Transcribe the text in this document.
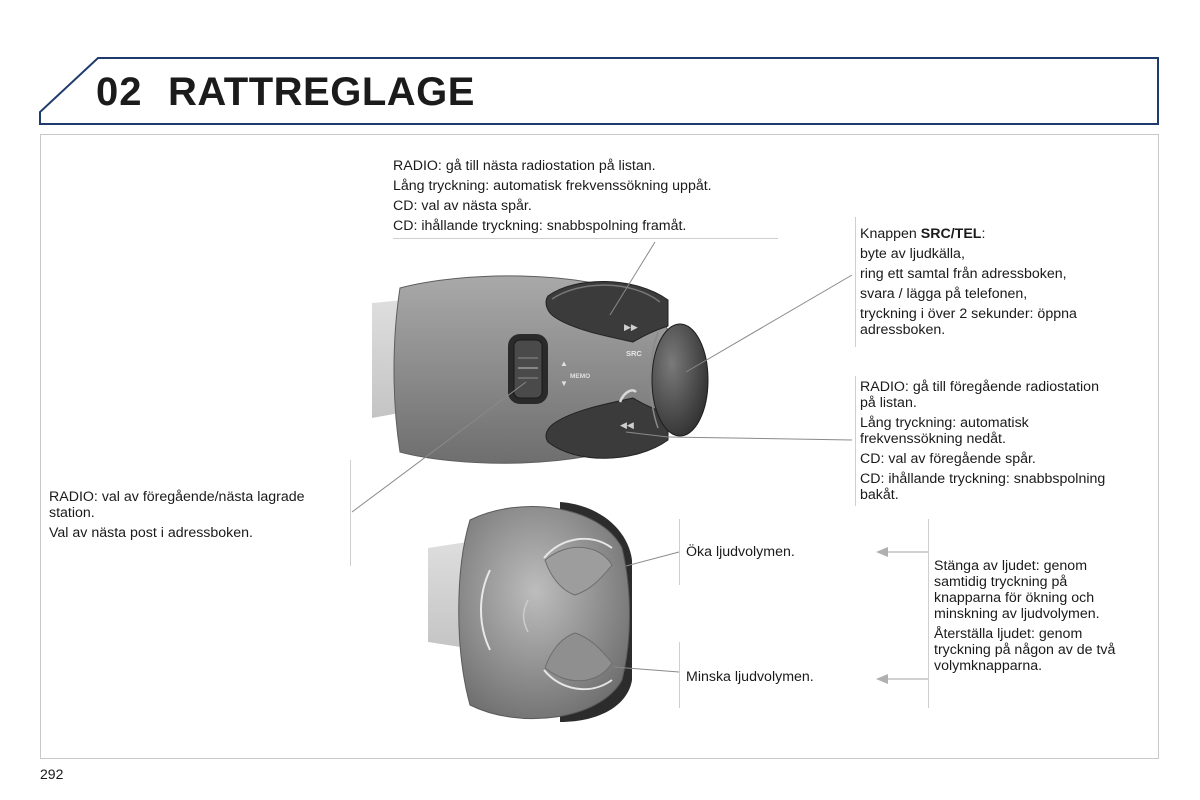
02 RATTREGLAGE
▶▶
◀◀
SRC
▲
▼
MEMO

RADIO: gå till nästa radiostation på listan.

Lång tryckning: automatisk frekvenssökning uppåt.

CD: val av nästa spår.

CD: ihållande tryckning: snabbspolning framåt.	Knappen SRC/TEL:

byte av ljudkälla,

ring ett samtal från adressboken,

svara / lägga på telefonen,

tryckning i över 2 sekunder: öppna
adressboken.

RADIO: gå till föregående radiostation
på listan.

Lång tryckning: automatisk
frekvenssökning nedåt.

CD: val av föregående spår.

CD: ihållande tryckning: snabbspolning
bakåt.

RADIO: val av föregående/nästa lagrade
station.

Val av nästa post i adressboken.

Öka ljudvolymen.
Minska ljudvolymen.

Stänga av ljudet: genom
samtidig tryckning på
knapparna för ökning och
minskning av ljudvolymen.

Återställa ljudet: genom
tryckning på någon av de två
volymknapparna.

292
